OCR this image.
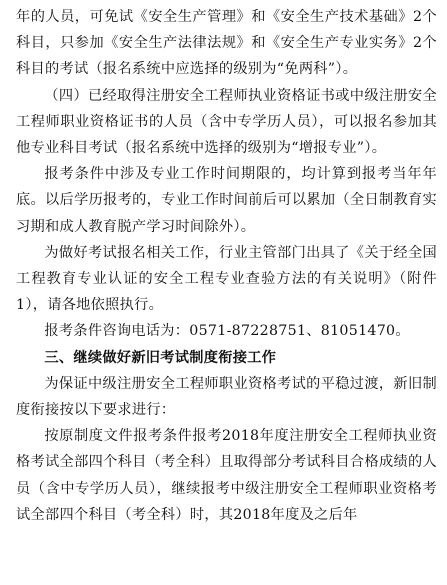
年的人员，可免试《安全生产管理》和《安全生产技术基础》2个科目，只参加《安全生产法律法规》和《安全生产专业实务》2个科目的考试（报名系统中应选择的级别为“免两科”）。

（四）已经取得注册安全工程师执业资格证书或中级注册安全工程师职业资格证书的人员（含中专学历人员），可以报名参加其他专业科目考试（报名系统中选择的级别为“增报专业”）。

报考条件中涉及专业工作时间期限的，均计算到报考当年年底。以后学历报考的，专业工作时间前后可以累加（全日制教育实习期和成人教育脱产学习时间除外）。

为做好考试报名相关工作，行业主管部门出具了《关于经全国工程教育专业认证的安全工程专业查验方法的有关说明》（附件1），请各地依照执行。

报考条件咨询电话为：0571-87228751、81051470。

三、继续做好新旧考试制度衔接工作

为保证中级注册安全工程师职业资格考试的平稳过渡，新旧制度衔接按以下要求进行：

按原制度文件报考条件报考2018年度注册安全工程师执业资格考试全部四个科目（考全科）且取得部分考试科目合格成绩的人员（含中专学历人员），继续报考中级注册安全工程师职业资格考试全部四个科目（考全科）时，其2018年度及之后年
